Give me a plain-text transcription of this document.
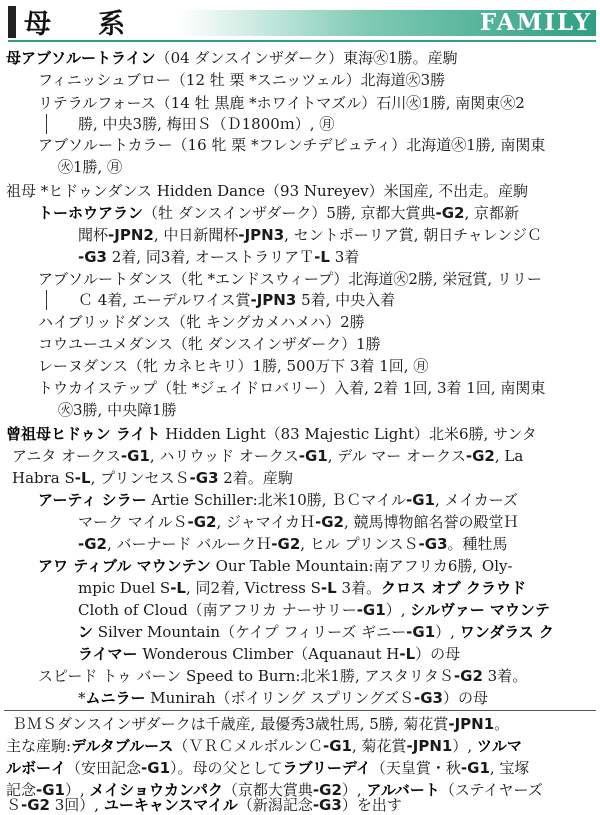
母　系	FAMILY
母アブソルートライン（04 ダンスインザダーク）東海㊋1勝。産駒
フィニッシュブロー（12 牡 栗 *スニッツェル）北海道㊋3勝
リテラルフォース（14 牡 黒鹿 *ホワイトマズル）石川㊋1勝, 南関東㊋2
勝, 中央3勝, 梅田Ｓ（Ｄ1800ｍ）, ㊊
アブソルートカラー（16 牝 栗 *フレンチデピュティ）北海道㊋1勝, 南関東
㊋1勝, ㊊
祖母 *ヒドゥンダンス Hidden Dance（93 Nureyev）米国産, 不出走。産駒
トーホウアラン（牡 ダンスインザダーク）5勝, 京都大賞典-G2, 京都新
聞杯-JPN2, 中日新聞杯-JPN3, セントポーリア賞, 朝日チャレンジＣ
-G3 2着, 同3着, オーストラリアＴ-L 3着
アブソルートダンス（牝 *エンドスウィープ）北海道㊋2勝, 栄冠賞, リリー
Ｃ 4着, エーデルワイス賞-JPN3 5着, 中央入着
ハイブリッドダンス（牝 キングカメハメハ）2勝
コウユーユメダンス（牝 ダンスインザダーク）1勝
レーヌダンス（牝 カネヒキリ）1勝, 500万下 3着 1回, ㊊
トウカイステップ（牡 *ジェイドロバリー）入着, 2着 1回, 3着 1回, 南関東
㊋3勝, 中央障1勝
曾祖母ヒドゥン ライト Hidden Light（83 Majestic Light）北米6勝, サンタ
アニタ オークス-G1, ハリウッド オークス-G1, デル マー オークス-G2, La
Habra S-L, プリンセスＳ-G3 2着。産駒
アーティ シラー Artie Schiller:北米10勝, ＢＣマイル-G1, メイカーズ
マーク マイルＳ-G2, ジャマイカＨ-G2, 競馬博物館名誉の殿堂Ｈ
-G2, バーナード バルークＨ-G2, ヒル プリンスＳ-G3。種牡馬
アワ ティブル マウンテン Our Table Mountain:南アフリカ6勝, Oly-
mpic Duel S-L, 同2着, Victress S-L 3着。クロス オブ クラウド
Cloth of Cloud（南アフリカ ナーサリー-G1）, シルヴァー マウンテ
ン Silver Mountain（ケイプ フィリーズ ギニー-G1）, ワンダラス ク
ライマー Wonderous Climber（Aquanaut H-L）の母
スピード トゥ バーン Speed to Burn:北米1勝, アスタリタＳ-G2 3着。
*ムニラー Munirah（ボイリング スプリングズＳ-G3）の母
ＢＭＳダンスインザダークは千歳産, 最優秀3歳牡馬, 5勝, 菊花賞-JPN1。
主な産駒:デルタブルース（ＶＲＣメルボルンＣ-G1, 菊花賞-JPN1）, ツルマ
ルボーイ（安田記念-G1）。母の父としてラブリーデイ（天皇賞・秋-G1, 宝塚
記念-G1）, メイショウカンパク（京都大賞典-G2）, アルバート（ステイヤーズ
Ｓ-G2 3回）, ユーキャンスマイル（新潟記念-G3）を出す
